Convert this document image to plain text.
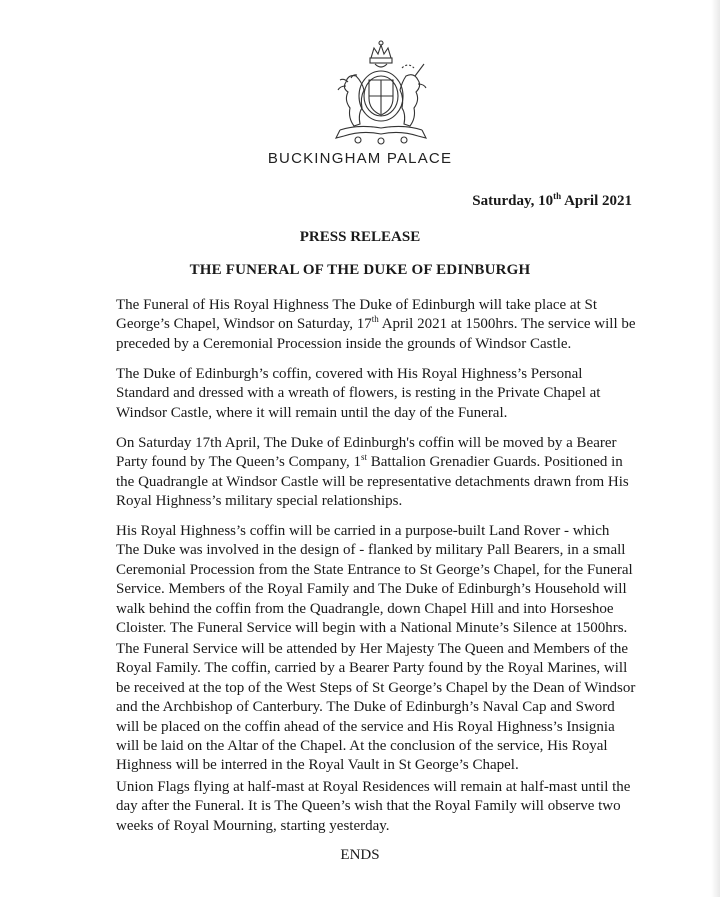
BUCKINGHAM PALACE
Saturday, 10th April 2021
PRESS RELEASE
THE FUNERAL OF THE DUKE OF EDINBURGH

The Funeral of His Royal Highness The Duke of Edinburgh will take place at St George’s Chapel, Windsor on Saturday, 17th April 2021 at 1500hrs. The service will be preceded by a Ceremonial Procession inside the grounds of Windsor Castle.

The Duke of Edinburgh’s coffin, covered with His Royal Highness’s Personal Standard and dressed with a wreath of flowers, is resting in the Private Chapel at Windsor Castle, where it will remain until the day of the Funeral.

On Saturday 17th April, The Duke of Edinburgh's coffin will be moved by a Bearer Party found by The Queen’s Company, 1st Battalion Grenadier Guards. Positioned in the Quadrangle at Windsor Castle will be representative detachments drawn from His Royal Highness’s military special relationships.

His Royal Highness’s coffin will be carried in a purpose-built Land Rover - which The Duke was involved in the design of - flanked by military Pall Bearers, in a small Ceremonial Procession from the State Entrance to St George’s Chapel, for the Funeral Service. Members of the Royal Family and The Duke of Edinburgh’s Household will walk behind the coffin from the Quadrangle, down Chapel Hill and into Horseshoe Cloister. The Funeral Service will begin with a National Minute’s Silence at 1500hrs.

The Funeral Service will be attended by Her Majesty The Queen and Members of the Royal Family. The coffin, carried by a Bearer Party found by the Royal Marines, will be received at the top of the West Steps of St George’s Chapel by the Dean of Windsor and the Archbishop of Canterbury. The Duke of Edinburgh’s Naval Cap and Sword will be placed on the coffin ahead of the service and His Royal Highness’s Insignia will be laid on the Altar of the Chapel. At the conclusion of the service, His Royal Highness will be interred in the Royal Vault in St George’s Chapel.

Union Flags flying at half-mast at Royal Residences will remain at half-mast until the day after the Funeral. It is The Queen’s wish that the Royal Family will observe two weeks of Royal Mourning, starting yesterday.

ENDS
